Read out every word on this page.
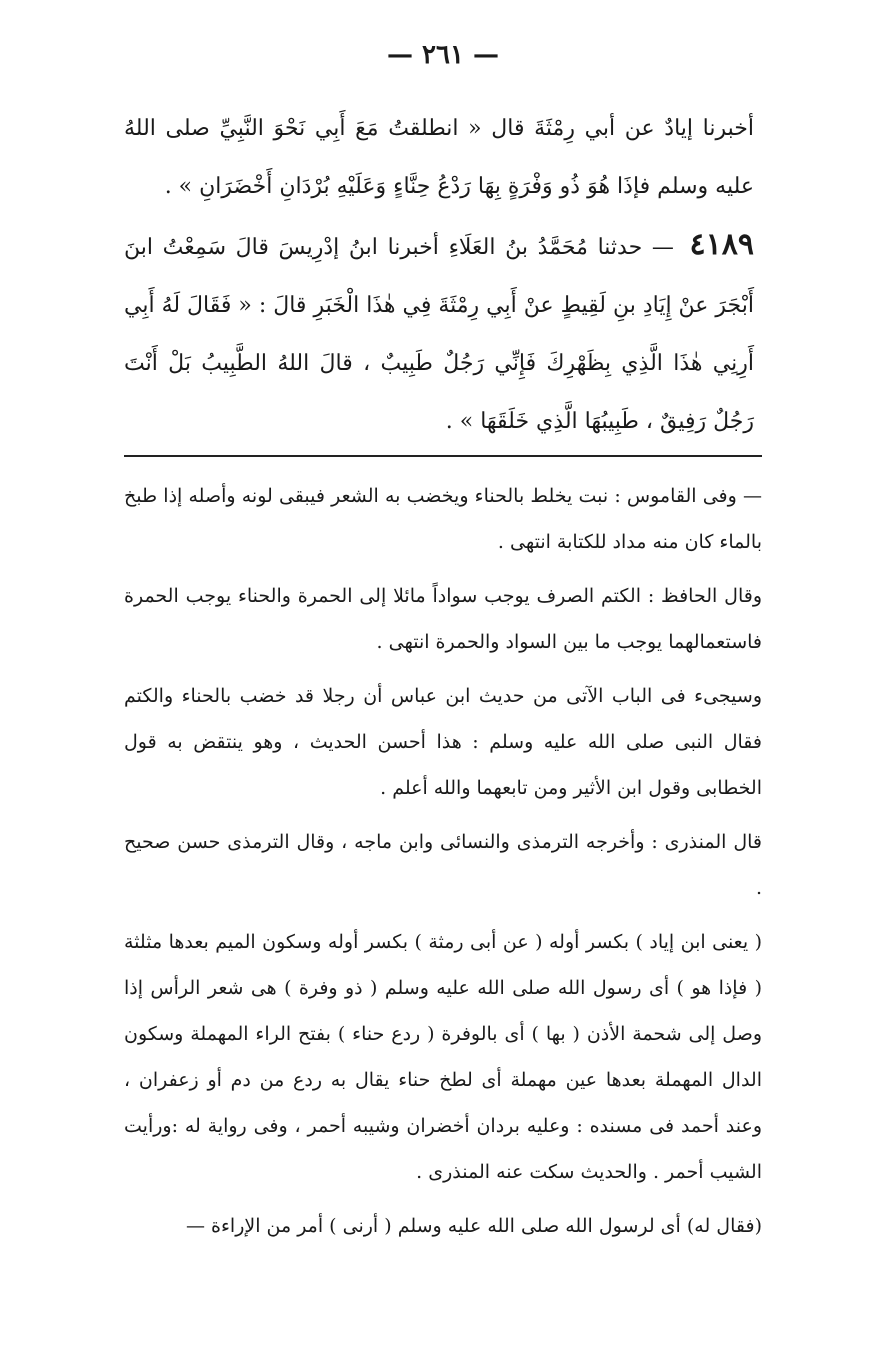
— ٢٦١ —

أخبرنا إيادٌ عن أبي رِمْثَةَ قال « انطلقتُ مَعَ أَبِي نَحْوَ النَّبِيِّ صلى اللهُ عليه وسلم فإذَا هُوَ ذُو وَفْرَةٍ بِهَا رَدْعُ حِنَّاءٍ وَعَلَيْهِ بُرْدَانِ أَخْضَرَانِ » .

٤١٨٩ — حدثنا مُحَمَّدُ بنُ العَلَاءِ أخبرنا ابنُ إدْرِيسَ قالَ سَمِعْتُ ابنَ أَبْجَرَ عنْ إِيَادِ بنِ لَقِيطٍ عنْ أَبِي رِمْثَةَ فِي هٰذَا الْخَبَرِ قالَ : « فَقَالَ لَهُ أَبِي أَرِنِي هٰذَا الَّذِي بِظَهْرِكَ فَإِنِّي رَجُلٌ طَبِيبٌ ، قالَ اللهُ الطَّبِيبُ بَلْ أَنْتَ رَجُلٌ رَفِيقٌ ، طَبِيبُهَا الَّذِي خَلَقَهَا » .

— وفى القاموس : نبت يخلط بالحناء ويخضب به الشعر فيبقى لونه وأصله إذا طبخ بالماء كان منه مداد للكتابة انتهى .

وقال الحافظ : الكتم الصرف يوجب سواداً مائلا إلى الحمرة والحناء يوجب الحمرة فاستعمالهما يوجب ما بين السواد والحمرة انتهى .

وسيجىء فى الباب الآتى من حديث ابن عباس أن رجلا قد خضب بالحناء والكتم فقال النبى صلى الله عليه وسلم : هذا أحسن الحديث ، وهو ينتقض به قول الخطابى وقول ابن الأثير ومن تابعهما والله أعلم .

قال المنذرى : وأخرجه الترمذى والنسائى وابن ماجه ، وقال الترمذى حسن صحيح .

( يعنى ابن إياد ) بكسر أوله ( عن أبى رمثة ) بكسر أوله وسكون الميم بعدها مثلثة ( فإذا هو ) أى رسول الله صلى الله عليه وسلم ( ذو وفرة ) هى شعر الرأس إذا وصل إلى شحمة الأذن ( بها ) أى بالوفرة ( ردع حناء ) بفتح الراء المهملة وسكون الدال المهملة بعدها عين مهملة أى لطخ حناء يقال به ردع من دم أو زعفران ، وعند أحمد فى مسنده : وعليه بردان أخضران وشيبه أحمر ، وفى رواية له :ورأيت الشيب أحمر . والحديث سكت عنه المنذرى .

(فقال له) أى لرسول الله صلى الله عليه وسلم ( أرنى ) أمر من الإراءة —
